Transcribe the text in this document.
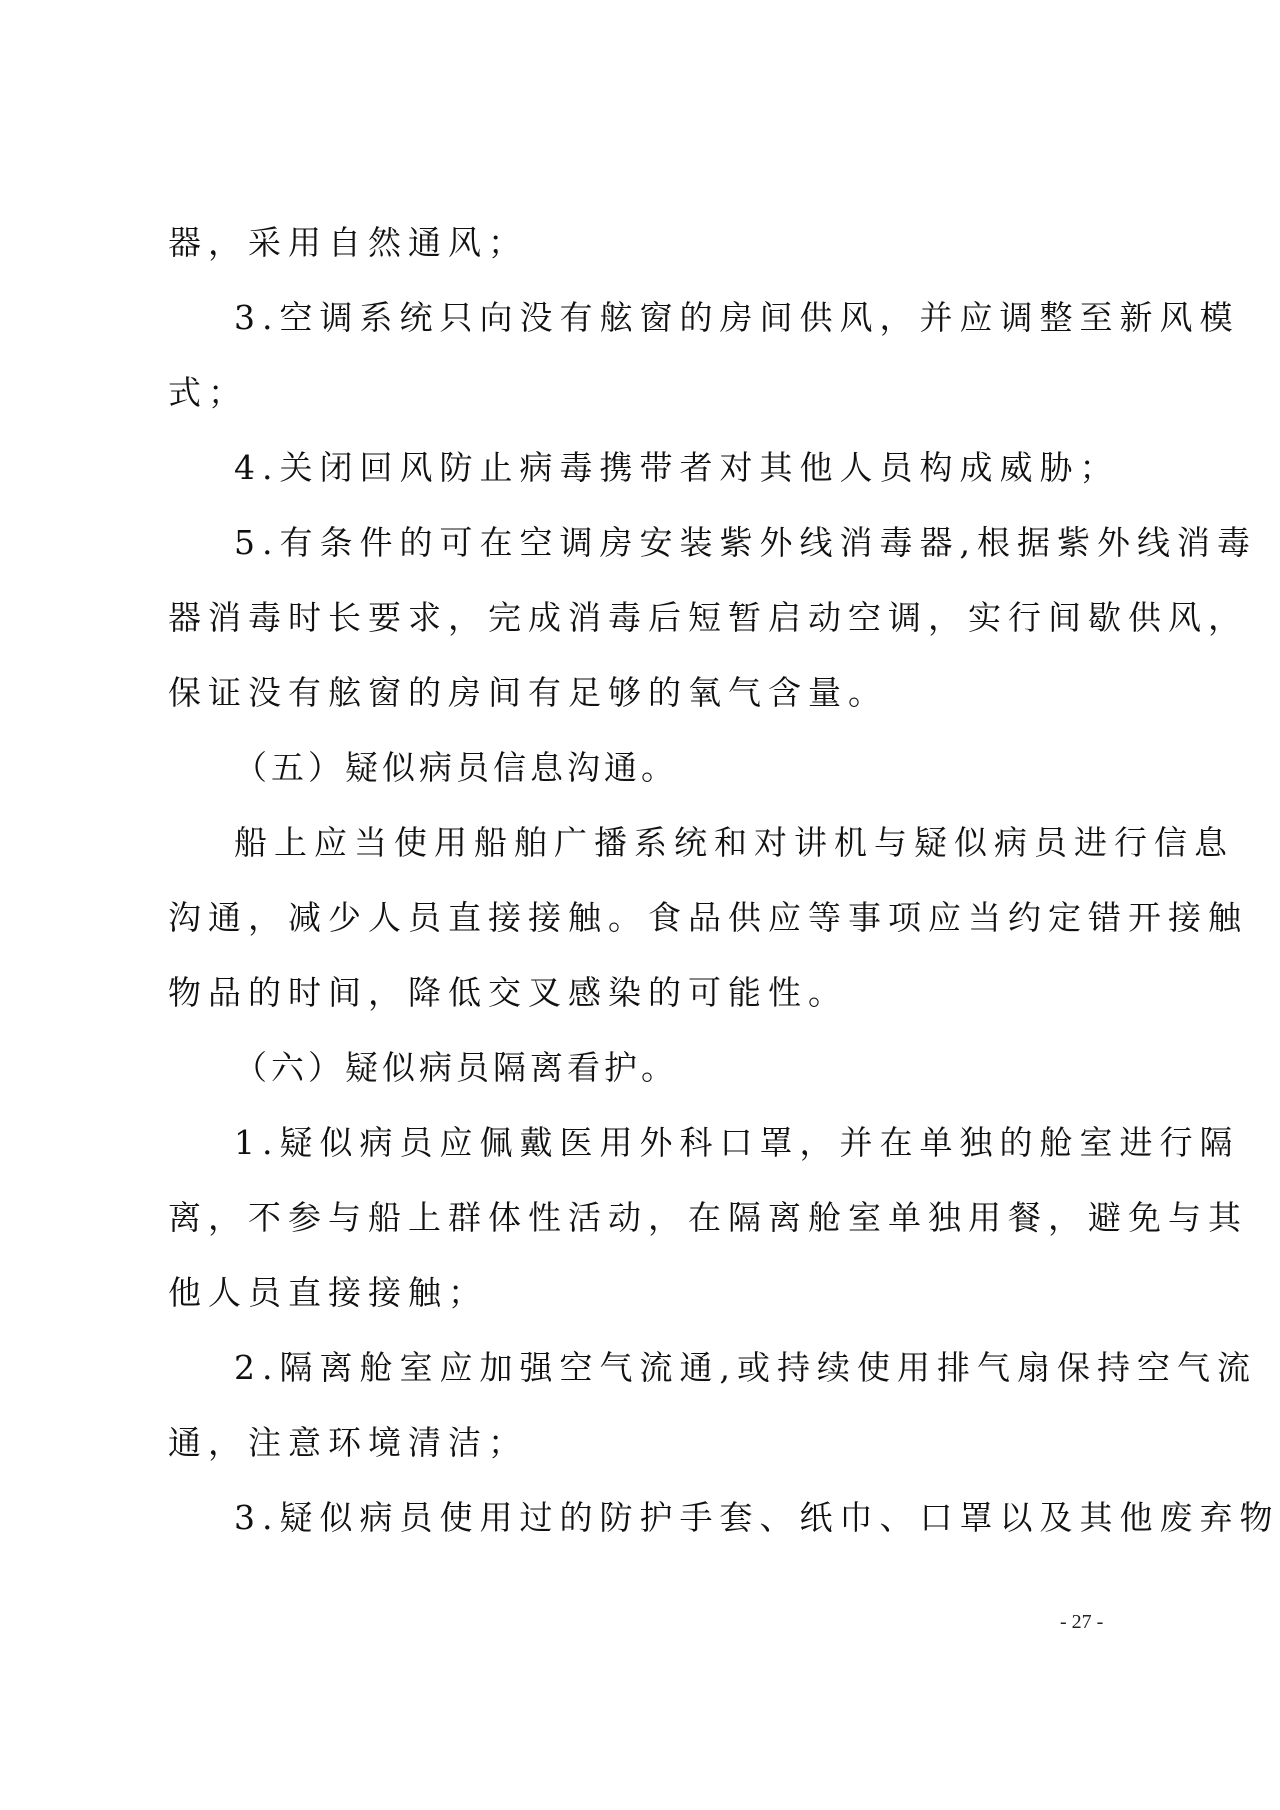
器，采用自然通风；
3.空调系统只向没有舷窗的房间供风，并应调整至新风模
式；
4.关闭回风防止病毒携带者对其他人员构成威胁；
5.有条件的可在空调房安装紫外线消毒器,根据紫外线消毒
器消毒时长要求，完成消毒后短暂启动空调，实行间歇供风，
保证没有舷窗的房间有足够的氧气含量。
（五）疑似病员信息沟通。
船上应当使用船舶广播系统和对讲机与疑似病员进行信息
沟通，减少人员直接接触。食品供应等事项应当约定错开接触
物品的时间，降低交叉感染的可能性。
（六）疑似病员隔离看护。
1.疑似病员应佩戴医用外科口罩，并在单独的舱室进行隔
离，不参与船上群体性活动，在隔离舱室单独用餐，避免与其
他人员直接接触；
2.隔离舱室应加强空气流通,或持续使用排气扇保持空气流
通，注意环境清洁；
3.疑似病员使用过的防护手套、纸巾、口罩以及其他废弃物
- 27 -
